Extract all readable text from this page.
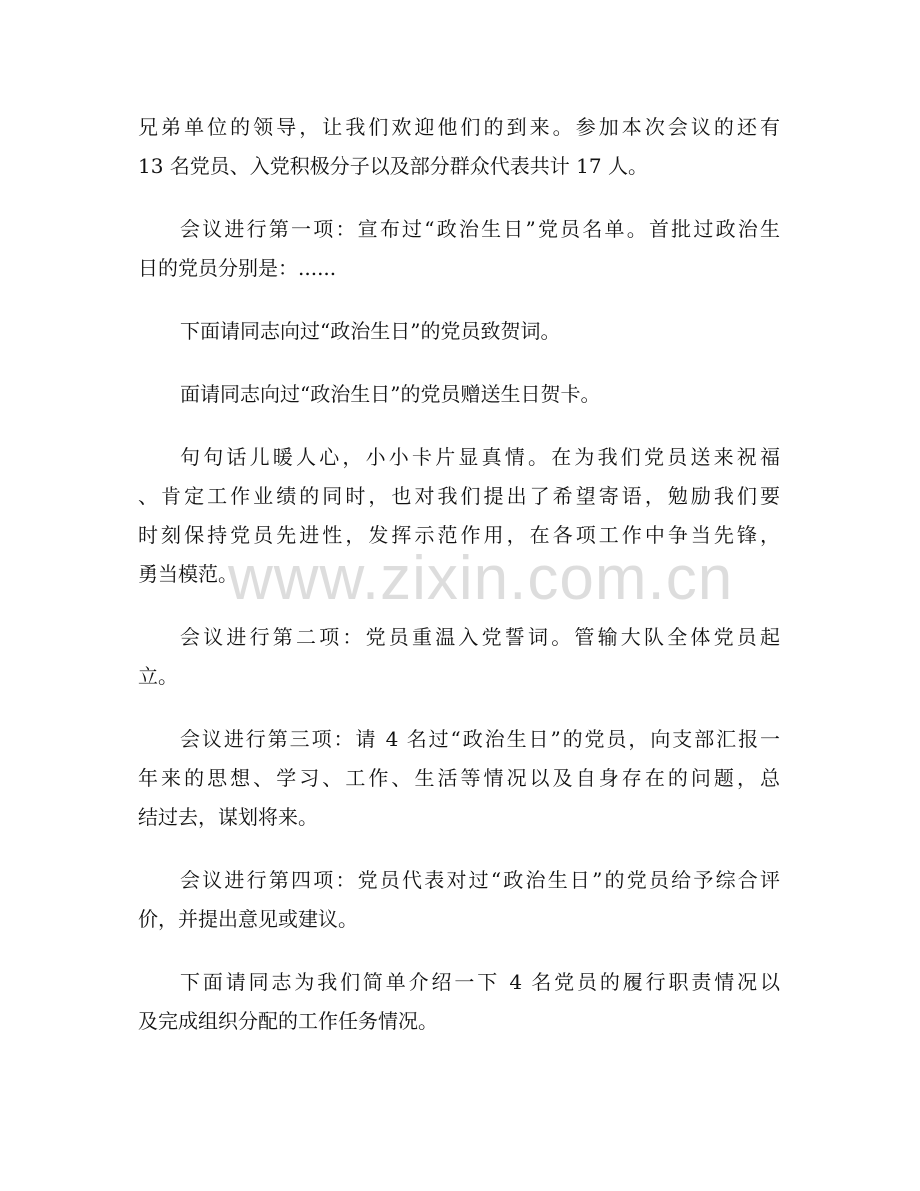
兄弟单位的领导，让我们欢迎他们的到来。参加本次会议的还有
13 名党员、入党积极分子以及部分群众代表共计 17 人。
会议进行第一项：宣布过“政治生日”党员名单。首批过政治生
日的党员分别是：......
下面请同志向过“政治生日”的党员致贺词。
面请同志向过“政治生日”的党员赠送生日贺卡。
句句话儿暖人心，小小卡片显真情。在为我们党员送来祝福
、肯定工作业绩的同时，也对我们提出了希望寄语，勉励我们要
时刻保持党员先进性，发挥示范作用，在各项工作中争当先锋，
勇当模范。
会议进行第二项：党员重温入党誓词。管输大队全体党员起
立。
会议进行第三项：请 4 名过“政治生日”的党员，向支部汇报一
年来的思想、学习、工作、生活等情况以及自身存在的问题，总
结过去，谋划将来。
会议进行第四项：党员代表对过“政治生日”的党员给予综合评
价，并提出意见或建议。
下面请同志为我们简单介绍一下 4 名党员的履行职责情况以
及完成组织分配的工作任务情况。
www.zixin.com.cn
